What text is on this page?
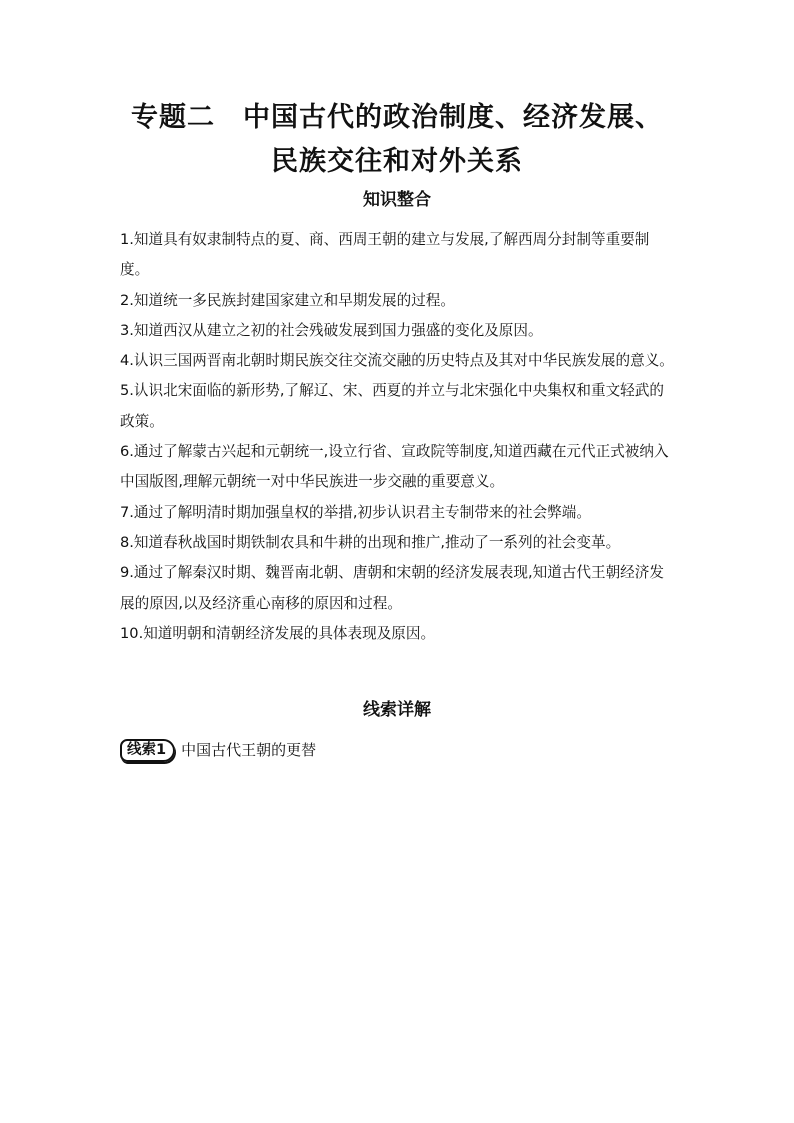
专题二　中国古代的政治制度、经济发展、民族交往和对外关系
知识整合
1.知道具有奴隶制特点的夏、商、西周王朝的建立与发展,了解西周分封制等重要制度。
2.知道统一多民族封建国家建立和早期发展的过程。
3.知道西汉从建立之初的社会残破发展到国力强盛的变化及原因。
4.认识三国两晋南北朝时期民族交往交流交融的历史特点及其对中华民族发展的意义。
5.认识北宋面临的新形势,了解辽、宋、西夏的并立与北宋强化中央集权和重文轻武的政策。
6.通过了解蒙古兴起和元朝统一,设立行省、宣政院等制度,知道西藏在元代正式被纳入中国版图,理解元朝统一对中华民族进一步交融的重要意义。
7.通过了解明清时期加强皇权的举措,初步认识君主专制带来的社会弊端。
8.知道春秋战国时期铁制农具和牛耕的出现和推广,推动了一系列的社会变革。
9.通过了解秦汉时期、魏晋南北朝、唐朝和宋朝的经济发展表现,知道古代王朝经济发展的原因,以及经济重心南移的原因和过程。
10.知道明朝和清朝经济发展的具体表现及原因。
线索详解
线索1	中国古代王朝的更替
